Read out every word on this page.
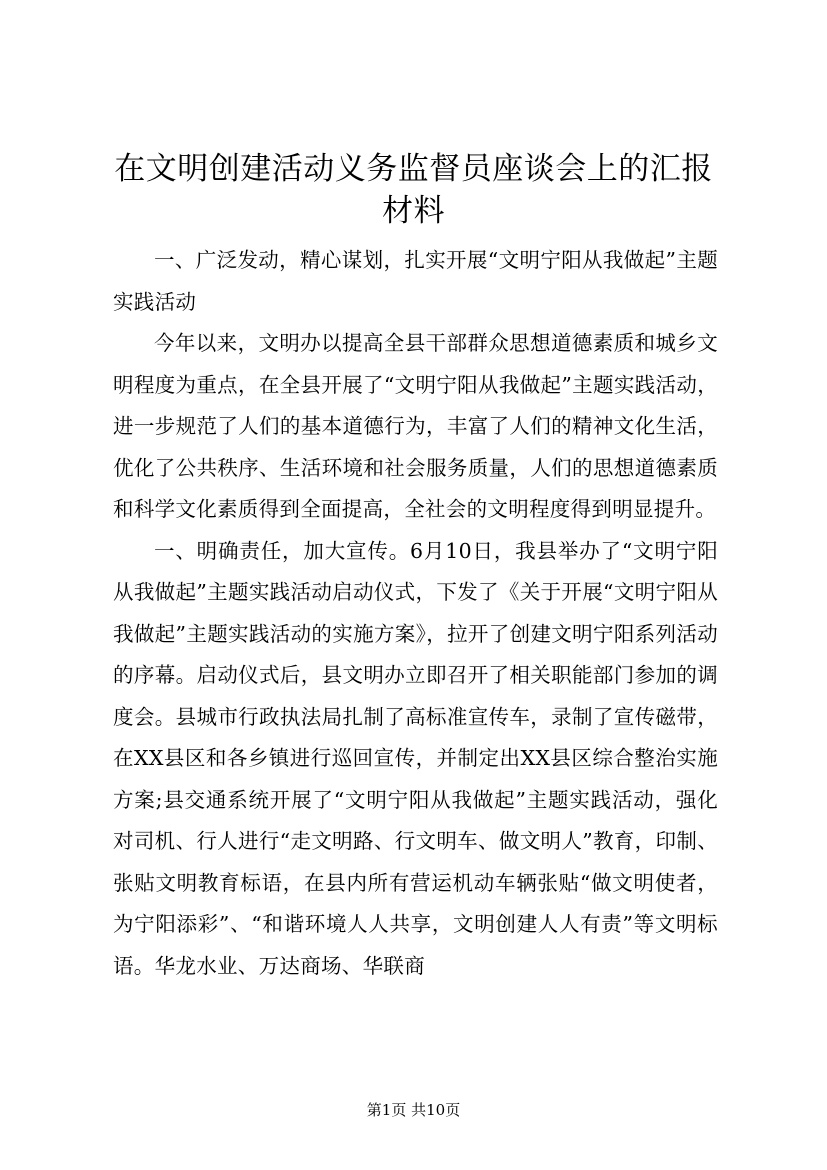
在文明创建活动义务监督员座谈会上的汇报材料

一、广泛发动，精心谋划，扎实开展“文明宁阳从我做起”主题实践活动

今年以来，文明办以提高全县干部群众思想道德素质和城乡文明程度为重点，在全县开展了“文明宁阳从我做起”主题实践活动，进一步规范了人们的基本道德行为，丰富了人们的精神文化生活，优化了公共秩序、生活环境和社会服务质量，人们的思想道德素质和科学文化素质得到全面提高，全社会的文明程度得到明显提升。

一、明确责任，加大宣传。6月10日，我县举办了“文明宁阳从我做起”主题实践活动启动仪式，下发了《关于开展“文明宁阳从我做起”主题实践活动的实施方案》，拉开了创建文明宁阳系列活动的序幕。启动仪式后，县文明办立即召开了相关职能部门参加的调度会。县城市行政执法局扎制了高标准宣传车，录制了宣传磁带，在XX县区和各乡镇进行巡回宣传，并制定出XX县区综合整治实施方案;县交通系统开展了“文明宁阳从我做起”主题实践活动，强化对司机、行人进行“走文明路、行文明车、做文明人”教育，印制、张贴文明教育标语，在县内所有营运机动车辆张贴“做文明使者，为宁阳添彩”、“和谐环境人人共享，文明创建人人有责”等文明标语。华龙水业、万达商场、华联商

第1页 共10页
